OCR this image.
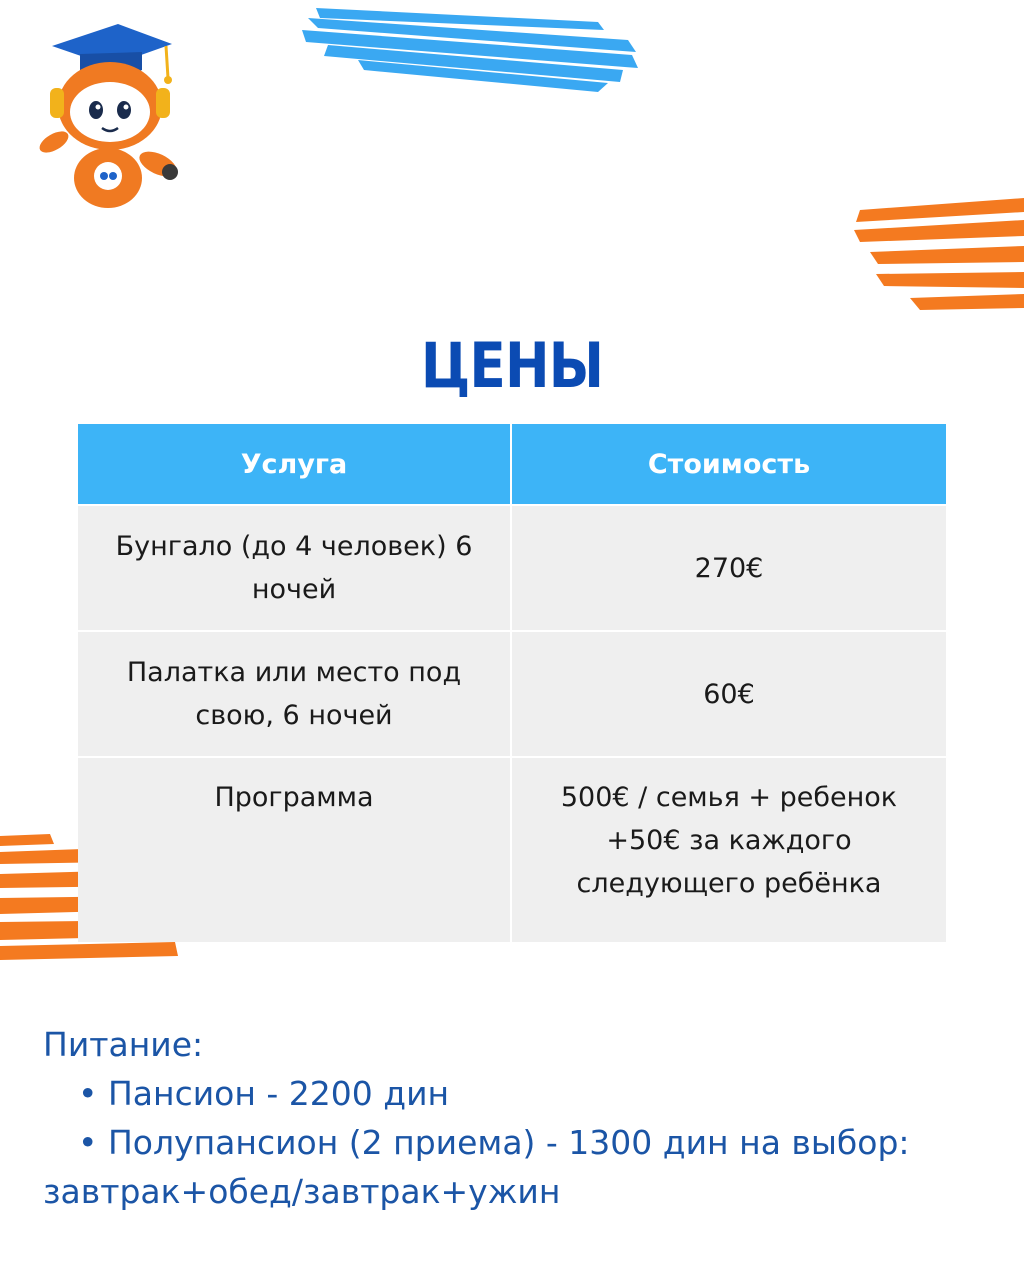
ЦЕНЫ
Услуга	Стоимость
Бунгало (до 4 человек) 6 ночей	270€
Палатка или место под свою, 6 ночей	60€
Программа	500€ / семья + ребенок
+50€ за каждого
следующего ребёнка
Питание:
• Пансион - 2200 дин
• Полупансион (2 приема) - 1300 дин на выбор:
завтрак+обед/завтрак+ужин
